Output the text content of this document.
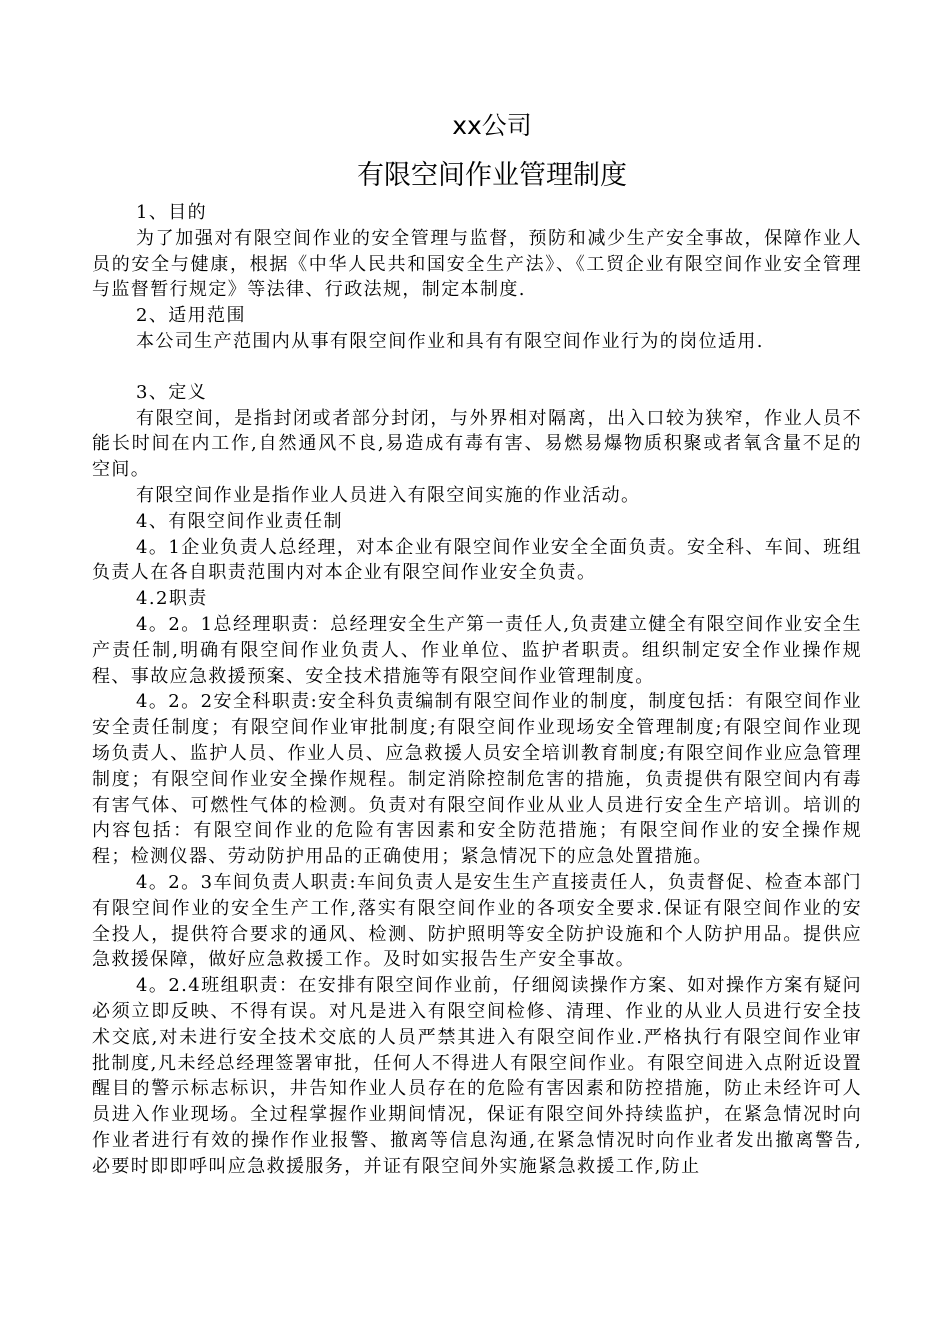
xx公司
有限空间作业管理制度

1、目的

为了加强对有限空间作业的安全管理与监督，预防和减少生产安全事故，保障作业人员的安全与健康，根据《中华人民共和国安全生产法》、《工贸企业有限空间作业安全管理与监督暂行规定》等法律、行政法规，制定本制度.

2、适用范围

本公司生产范围内从事有限空间作业和具有有限空间作业行为的岗位适用.

3、定义

有限空间，是指封闭或者部分封闭，与外界相对隔离，出入口较为狭窄，作业人员不能长时间在内工作,自然通风不良,易造成有毒有害、易燃易爆物质积聚或者氧含量不足的空间。

有限空间作业是指作业人员进入有限空间实施的作业活动。

4、有限空间作业责任制

4。1企业负责人总经理，对本企业有限空间作业安全全面负责。安全科、车间、班组负责人在各自职责范围内对本企业有限空间作业安全负责。

4.2职责

4。2。1总经理职责：总经理安全生产第一责任人,负责建立健全有限空间作业安全生产责任制,明确有限空间作业负责人、作业单位、监护者职责。组织制定安全作业操作规程、事故应急救援预案、安全技术措施等有限空间作业管理制度。

4。2。2安全科职责:安全科负责编制有限空间作业的制度，制度包括：有限空间作业安全责任制度；有限空间作业审批制度;有限空间作业现场安全管理制度;有限空间作业现场负责人、监护人员、作业人员、应急救援人员安全培训教育制度;有限空间作业应急管理制度；有限空间作业安全操作规程。制定消除控制危害的措施，负责提供有限空间内有毒有害气体、可燃性气体的检测。负责对有限空间作业从业人员进行安全生产培训。培训的内容包括：有限空间作业的危险有害因素和安全防范措施；有限空间作业的安全操作规程；检测仪器、劳动防护用品的正确使用；紧急情况下的应急处置措施。

4。2。3车间负责人职责:车间负责人是安生生产直接责任人，负责督促、检查本部门有限空间作业的安全生产工作,落实有限空间作业的各项安全要求.保证有限空间作业的安全投人，提供符合要求的通风、检测、防护照明等安全防护设施和个人防护用品。提供应急救援保障，做好应急救援工作。及时如实报告生产安全事故。

4。2.4班组职责：在安排有限空间作业前，仔细阅读操作方案、如对操作方案有疑问必须立即反映、不得有误。对凡是进入有限空间检修、清理、作业的从业人员进行安全技术交底,对未进行安全技术交底的人员严禁其进入有限空间作业.严格执行有限空间作业审批制度,凡未经总经理签署审批，任何人不得进人有限空间作业。有限空间进入点附近设置醒目的警示标志标识，井告知作业人员存在的危险有害因素和防控措施，防止未经许可人员进入作业现场。全过程掌握作业期间情况，保证有限空间外持续监护，在紧急情况时向作业者进行有效的操作作业报警、撤离等信息沟通,在紧急情况时向作业者发出撤离警告,必要时即即呼叫应急救援服务，并证有限空间外实施紧急救援工作,防止
